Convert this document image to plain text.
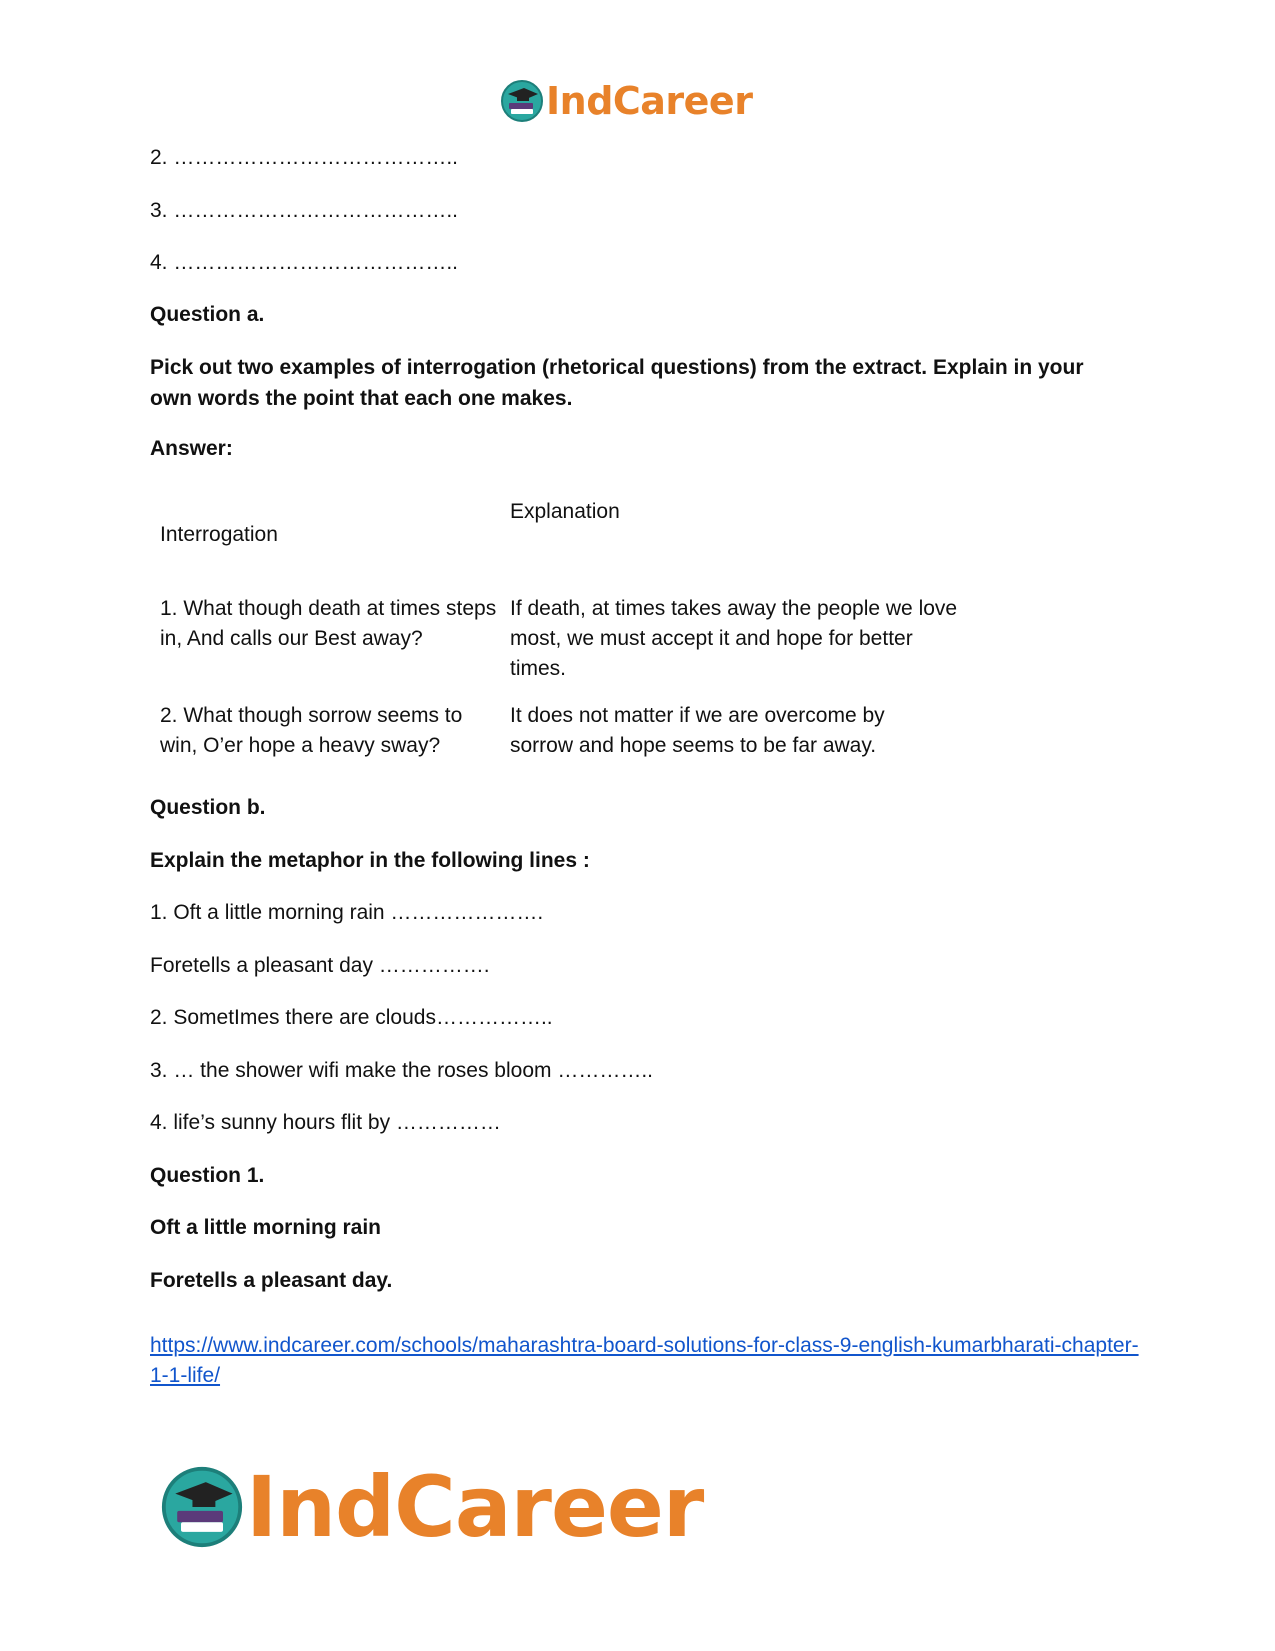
IndCareer

2. …………………………………..

3. …………………………………..

4. …………………………………..

Question a.

Pick out two examples of interrogation (rhetorical questions) from the extract. Explain in your own words the point that each one makes.

Answer:

Interrogation

Explanation

1. What though death at times steps in, And calls our Best away?

If death, at times takes away the people we love most, we must accept it and hope for better times.

2. What though sorrow seems to win, O’er hope a heavy sway?

It does not matter if we are overcome by sorrow and hope seems to be far away.

Question b.

Explain the metaphor in the following lines :

1. Oft a little morning rain ………………….

Foretells a pleasant day …………….

2. SometImes there are clouds……………..

3. … the shower wifi make the roses bloom …………..

4. life’s sunny hours flit by ……………

Question 1.

Oft a little morning rain

Foretells a pleasant day.

https://www.indcareer.com/schools/maharashtra-board-solutions-for-class-9-english-kumarbharati-chapter-1-1-life/
IndCareer
